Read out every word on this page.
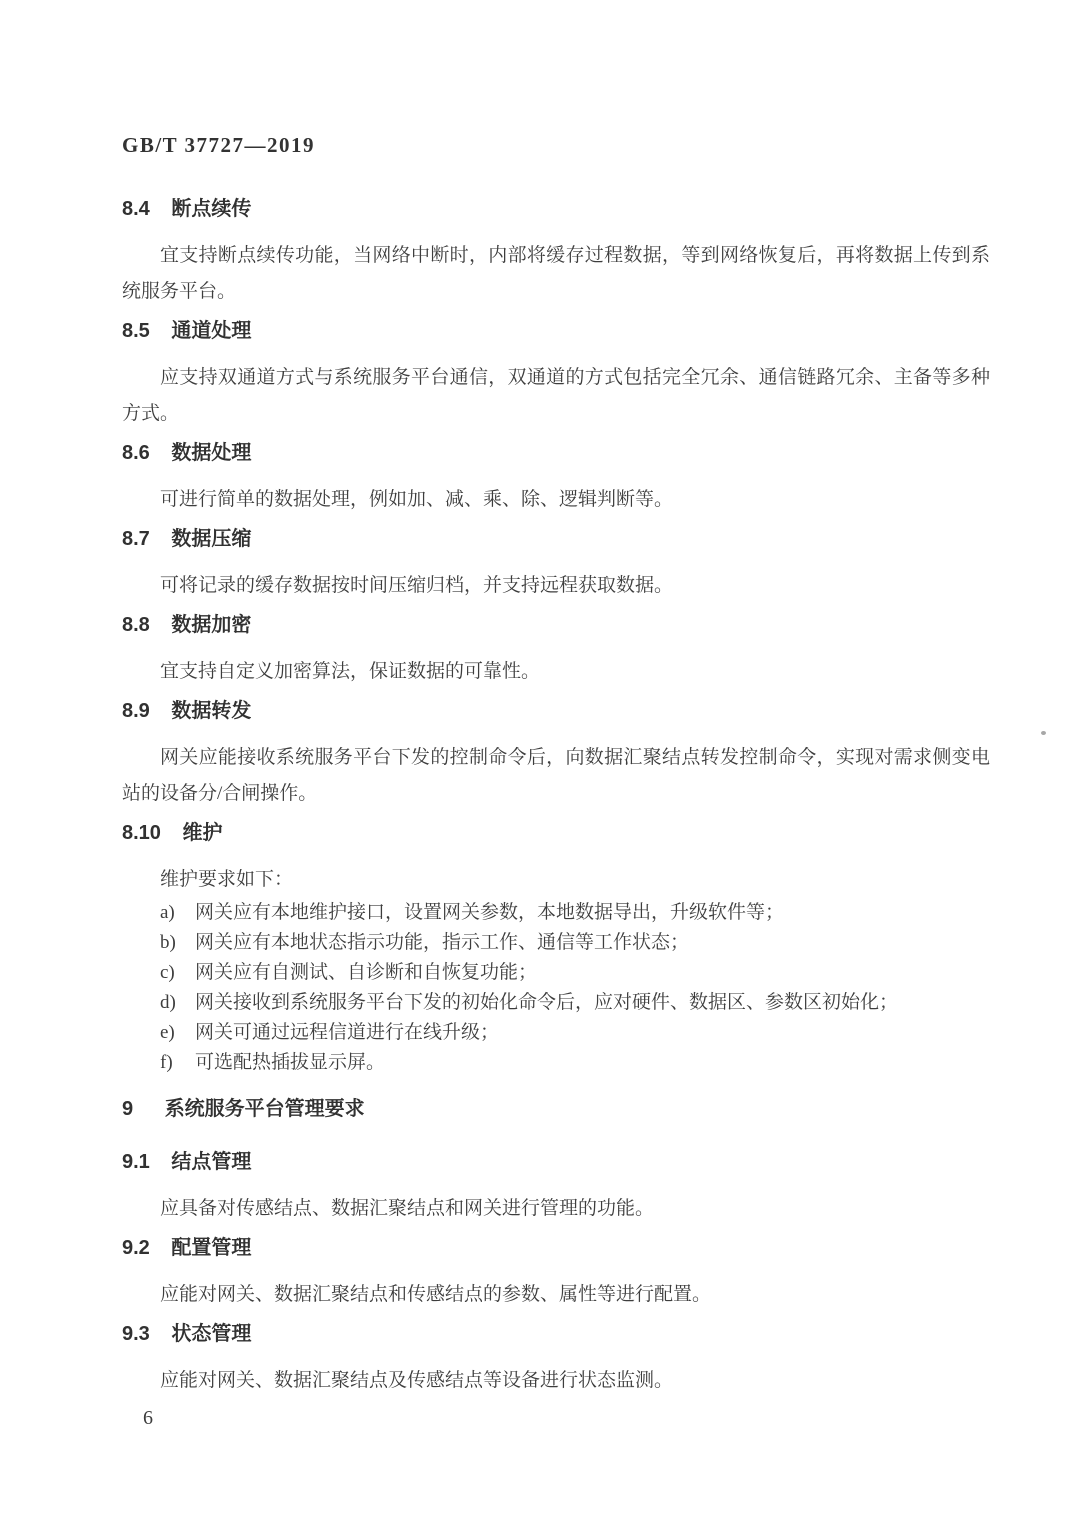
GB/T 37727—2019
8.4 断点续传

宜支持断点续传功能，当网络中断时，内部将缓存过程数据，等到网络恢复后，再将数据上传到系统服务平台。

8.5 通道处理

应支持双通道方式与系统服务平台通信，双通道的方式包括完全冗余、通信链路冗余、主备等多种方式。

8.6 数据处理

可进行简单的数据处理，例如加、减、乘、除、逻辑判断等。

8.7 数据压缩

可将记录的缓存数据按时间压缩归档，并支持远程获取数据。

8.8 数据加密

宜支持自定义加密算法，保证数据的可靠性。

8.9 数据转发

网关应能接收系统服务平台下发的控制命令后，向数据汇聚结点转发控制命令，实现对需求侧变电站的设备分/合闸操作。

8.10 维护

维护要求如下：

a) 网关应有本地维护接口，设置网关参数，本地数据导出，升级软件等；
b) 网关应有本地状态指示功能，指示工作、通信等工作状态；
c) 网关应有自测试、自诊断和自恢复功能；
d) 网关接收到系统服务平台下发的初始化命令后，应对硬件、数据区、参数区初始化；
e) 网关可通过远程信道进行在线升级；
f) 可选配热插拔显示屏。
9 系统服务平台管理要求
9.1 结点管理

应具备对传感结点、数据汇聚结点和网关进行管理的功能。

9.2 配置管理

应能对网关、数据汇聚结点和传感结点的参数、属性等进行配置。

9.3 状态管理

应能对网关、数据汇聚结点及传感结点等设备进行状态监测。

6
